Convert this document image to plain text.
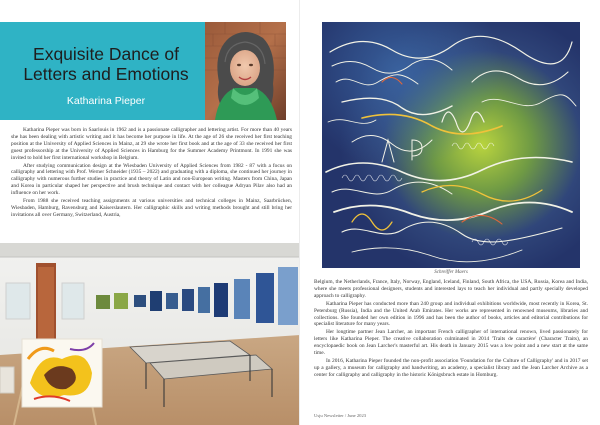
Exquisite Dance of Letters and Emotions
Katharina Pieper

Katharina Pieper was born in Saarlouis in 1962 and is a passionate calligrapher and lettering artist. For more than 40 years she has been dealing with artistic writing and it has become her purpose in life. At the age of 26 she received her first teaching position at the University of Applied Sciences in Mainz, at 29 she wrote her first book and at the age of 33 she received her first guest professorship at the University of Applied Sciences in Hamburg for the Summer Academy Printmont. In 1991 she was invited to hold her first international workshop in Belgium.

After studying communication design at the Wiesbaden University of Applied Sciences from 1982 - 87 with a focus on calligraphy and lettering with Prof. Werner Schneider (1935 – 2022) and graduating with a diploma, she continued her journey in calligraphy with numerous further studies in practice and theory of Latin and non-European writing. Masters from China, Japan and Korea in particular shaped her perspective and brush technique and contact with her colleague Adryan Pilav also had an influence on her work.

From 1988 she received teaching assignments at various universities and technical colleges in Mainz, Saarbrücken, Wiesbaden, Hamburg, Ravensburg and Kaiserslautern. Her calligraphic skills and writing methods brought and still bring her invitations all over Germany, Switzerland, Austria,

Schreiffer Maers

Belgium, the Netherlands, France, Italy, Norway, England, Iceland, Finland, South Africa, the USA, Russia, Korea and India, where she meets professional designers, students and interested lays to teach her individual and partly specially developed approach to calligraphy.

Katharina Pieper has conducted more than 240 group and individual exhibitions worldwide, most recently in Korea, St. Petersburg (Russia), India and the United Arab Emirates. Her works are represented in renowned museums, libraries and collections. She founded her own edition in 1996 and has been the author of books, articles and editorial contributions for specialist literature for many years.

Her longtime partner Jean Larcher, an important French calligrapher of international renown, lived passionately for letters like Katharina Pieper. The creative collaboration culminated in 2014 'Traits de caractère' (Character Traits), an encyclopaedic book on Jean Larcher's masterful art. His death in January 2015 was a low point and a new start at the same time.

In 2016, Katharina Pieper founded the non-profit association 'Foundation for the Culture of Calligraphy' and in 2017 set up a gallery, a museum for calligraphy and handwriting, an academy, a specialist library and the Jean Larcher Archive as a center for calligraphy and calligraphy in the historic Königsbruch estate in Homburg.

Usju Newsletter / June 2023
